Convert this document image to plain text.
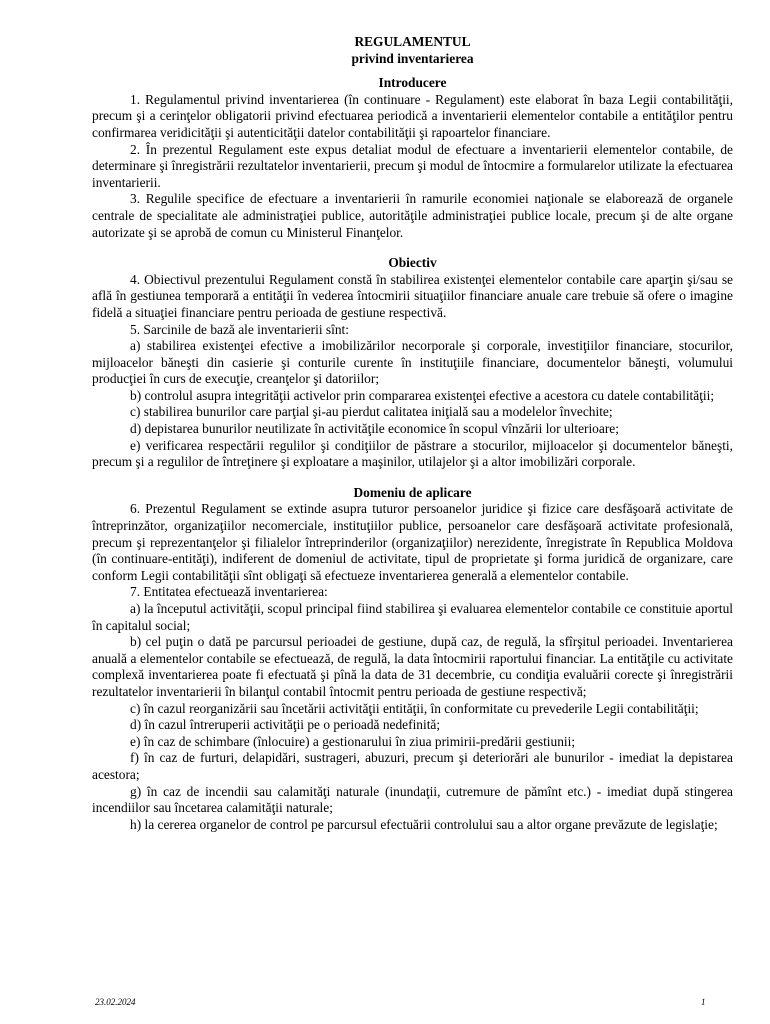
REGULAMENTUL
privind inventarierea
Introducere

1. Regulamentul privind inventarierea (în continuare - Regulament) este elaborat în baza Legii contabilităţii, precum şi a cerinţelor obligatorii privind efectuarea periodică a inventarierii elementelor contabile a entităţilor pentru confirmarea veridicităţii şi autenticităţii datelor contabilităţii şi rapoartelor financiare.

2. În prezentul Regulament este expus detaliat modul de efectuare a inventarierii elementelor contabile, de determinare şi înregistrării rezultatelor inventarierii, precum şi modul de întocmire a formularelor utilizate la efectuarea inventarierii.

3. Regulile specifice de efectuare a inventarierii în ramurile economiei naţionale se elaborează de organele centrale de specialitate ale administraţiei publice, autorităţile administraţiei publice locale, precum şi de alte organe autorizate şi se aprobă de comun cu Ministerul Finanţelor.

Obiectiv

4. Obiectivul prezentului Regulament constă în stabilirea existenţei elementelor contabile care aparţin şi/sau se află în gestiunea temporară a entităţii în vederea întocmirii situaţiilor financiare anuale care trebuie să ofere o imagine fidelă a situaţiei financiare pentru perioada de gestiune respectivă.

5. Sarcinile de bază ale inventarierii sînt:

a) stabilirea existenţei efective a imobilizărilor necorporale şi corporale, investiţiilor financiare, stocurilor, mijloacelor băneşti din casierie şi conturile curente în instituţiile financiare, documentelor băneşti, volumului producţiei în curs de execuţie, creanţelor şi datoriilor;

b) controlul asupra integrităţii activelor prin compararea existenţei efective a acestora cu datele contabilităţii;

c) stabilirea bunurilor care parţial şi-au pierdut calitatea iniţială sau a modelelor învechite;

d) depistarea bunurilor neutilizate în activităţile economice în scopul vînzării lor ulterioare;

e) verificarea respectării regulilor şi condiţiilor de păstrare a stocurilor, mijloacelor şi documentelor băneşti, precum şi a regulilor de întreţinere şi exploatare a maşinilor, utilajelor şi a altor imobilizări corporale.

Domeniu de aplicare

6. Prezentul Regulament se extinde asupra tuturor persoanelor juridice şi fizice care desfăşoară activitate de întreprinzător, organizaţiilor necomerciale, instituţiilor publice, persoanelor care desfăşoară activitate profesională, precum şi reprezentanţelor şi filialelor întreprinderilor (organizaţiilor) nerezidente, înregistrate în Republica Moldova (în continuare-entităţi), indiferent de domeniul de activitate, tipul de proprietate şi forma juridică de organizare, care conform Legii contabilităţii sînt obligaţi să efectueze inventarierea generală a elementelor contabile.

7. Entitatea efectuează inventarierea:

a) la începutul activităţii, scopul principal fiind stabilirea şi evaluarea elementelor contabile ce constituie aportul în capitalul social;

b) cel puţin o dată pe parcursul perioadei de gestiune, după caz, de regulă, la sfîrşitul perioadei. Inventarierea anuală a elementelor contabile se efectuează, de regulă, la data întocmirii raportului financiar. La entităţile cu activitate complexă inventarierea poate fi efectuată şi pînă la data de 31 decembrie, cu condiţia evaluării corecte şi înregistrării rezultatelor inventarierii în bilanţul contabil întocmit pentru perioada de gestiune respectivă;

c) în cazul reorganizării sau încetării activităţii entităţii, în conformitate cu prevederile Legii contabilităţii;

d) în cazul întreruperii activităţii pe o perioadă nedefinită;

e) în caz de schimbare (înlocuire) a gestionarului în ziua primirii-predării gestiunii;

f) în caz de furturi, delapidări, sustrageri, abuzuri, precum şi deteriorări ale bunurilor - imediat la depistarea acestora;

g) în caz de incendii sau calamităţi naturale (inundaţii, cutremure de pămînt etc.) - imediat după stingerea incendiilor sau încetarea calamităţii naturale;

h) la cererea organelor de control pe parcursul efectuării controlului sau a altor organe prevăzute de legislaţie;

23.02.2024	1
